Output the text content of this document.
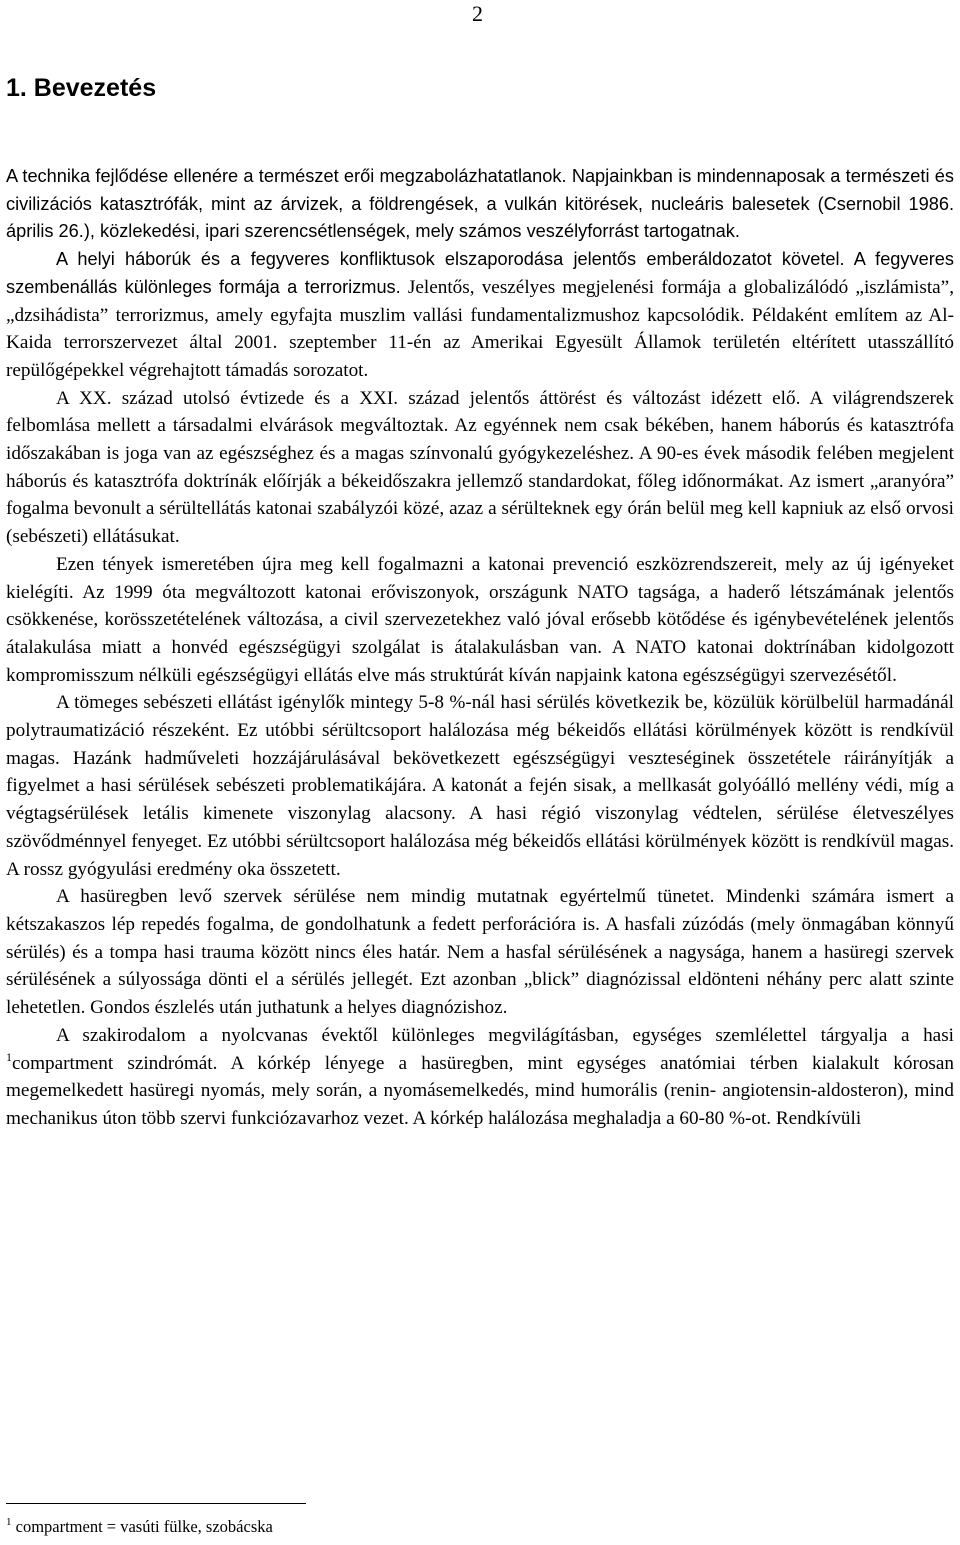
2
1. Bevezetés

A technika fejlődése ellenére a természet erői megzabolázhatatlanok. Napjainkban is mindennaposak a természeti és civilizációs katasztrófák, mint az árvizek, a földrengések, a vulkán kitörések, nucleáris balesetek (Csernobil 1986. április 26.), közlekedési, ipari szerencsétlenségek, mely számos veszélyforrást tartogatnak.

A helyi háborúk és a fegyveres konfliktusok elszaporodása jelentős emberáldozatot követel. A fegyveres szembenállás különleges formája a terrorizmus. Jelentős, veszélyes megjelenési formája a globalizálódó „iszlámista”, „dzsihádista” terrorizmus, amely egyfajta muszlim vallási fundamentalizmushoz kapcsolódik. Példaként említem az Al-Kaida terrorszervezet által 2001. szeptember 11-én az Amerikai Egyesült Államok területén eltérített utasszállító repülőgépekkel végrehajtott támadás sorozatot.

A XX. század utolsó évtizede és a XXI. század jelentős áttörést és változást idézett elő. A világrendszerek felbomlása mellett a társadalmi elvárások megváltoztak. Az egyénnek nem csak békében, hanem háborús és katasztrófa időszakában is joga van az egészséghez és a magas színvonalú gyógykezeléshez. A 90-es évek második felében megjelent háborús és katasztrófa doktrínák előírják a békeidőszakra jellemző standardokat, főleg időnormákat. Az ismert „aranyóra” fogalma bevonult a sérültellátás katonai szabályzói közé, azaz a sérülteknek egy órán belül meg kell kapniuk az első orvosi (sebészeti) ellátásukat.

Ezen tények ismeretében újra meg kell fogalmazni a katonai prevenció eszközrendszereit, mely az új igényeket kielégíti. Az 1999 óta megváltozott katonai erőviszonyok, országunk NATO tagsága, a haderő létszámának jelentős csökkenése, korösszetételének változása, a civil szervezetekhez való jóval erősebb kötődése és igénybevételének jelentős átalakulása miatt a honvéd egészségügyi szolgálat is átalakulásban van. A NATO katonai doktrínában kidolgozott kompromisszum nélküli egészségügyi ellátás elve más struktúrát kíván napjaink katona egészségügyi szervezésétől.

A tömeges sebészeti ellátást igénylők mintegy 5-8 %-nál hasi sérülés következik be, közülük körülbelül harmadánál polytraumatizáció részeként. Ez utóbbi sérültcsoport halálozása még békeidős ellátási körülmények között is rendkívül magas. Hazánk hadműveleti hozzájárulásával bekövetkezett egészségügyi veszteséginek összetétele ráirányítják a figyelmet a hasi sérülések sebészeti problematikájára. A katonát a fején sisak, a mellkasát golyóálló mellény védi, míg a végtagsérülések letális kimenete viszonylag alacsony. A hasi régió viszonylag védtelen, sérülése életveszélyes szövődménnyel fenyeget. Ez utóbbi sérültcsoport halálozása még békeidős ellátási körülmények között is rendkívül magas. A rossz gyógyulási eredmény oka összetett.

A hasüregben levő szervek sérülése nem mindig mutatnak egyértelmű tünetet. Mindenki számára ismert a kétszakaszos lép repedés fogalma, de gondolhatunk a fedett perforációra is. A hasfali zúzódás (mely önmagában könnyű sérülés) és a tompa hasi trauma között nincs éles határ. Nem a hasfal sérülésének a nagysága, hanem a hasüregi szervek sérülésének a súlyossága dönti el a sérülés jellegét. Ezt azonban „blick” diagnózissal eldönteni néhány perc alatt szinte lehetetlen. Gondos észlelés után juthatunk a helyes diagnózishoz.

A szakirodalom a nyolcvanas évektől különleges megvilágításban, egységes szemlélettel tárgyalja a hasi $^1$compartment szindrómát. A kórkép lényege a hasüregben, mint egységes anatómiai térben kialakult kórosan megemelkedett hasüregi nyomás, mely során, a nyomásemelkedés, mind humorális (renin- angiotensin-aldosteron), mind mechanikus úton több szervi funkciózavarhoz vezet. A kórkép halálozása meghaladja a 60-80 %-ot. Rendkívüli

$^1$ compartment = vasúti fülke, szobácska
